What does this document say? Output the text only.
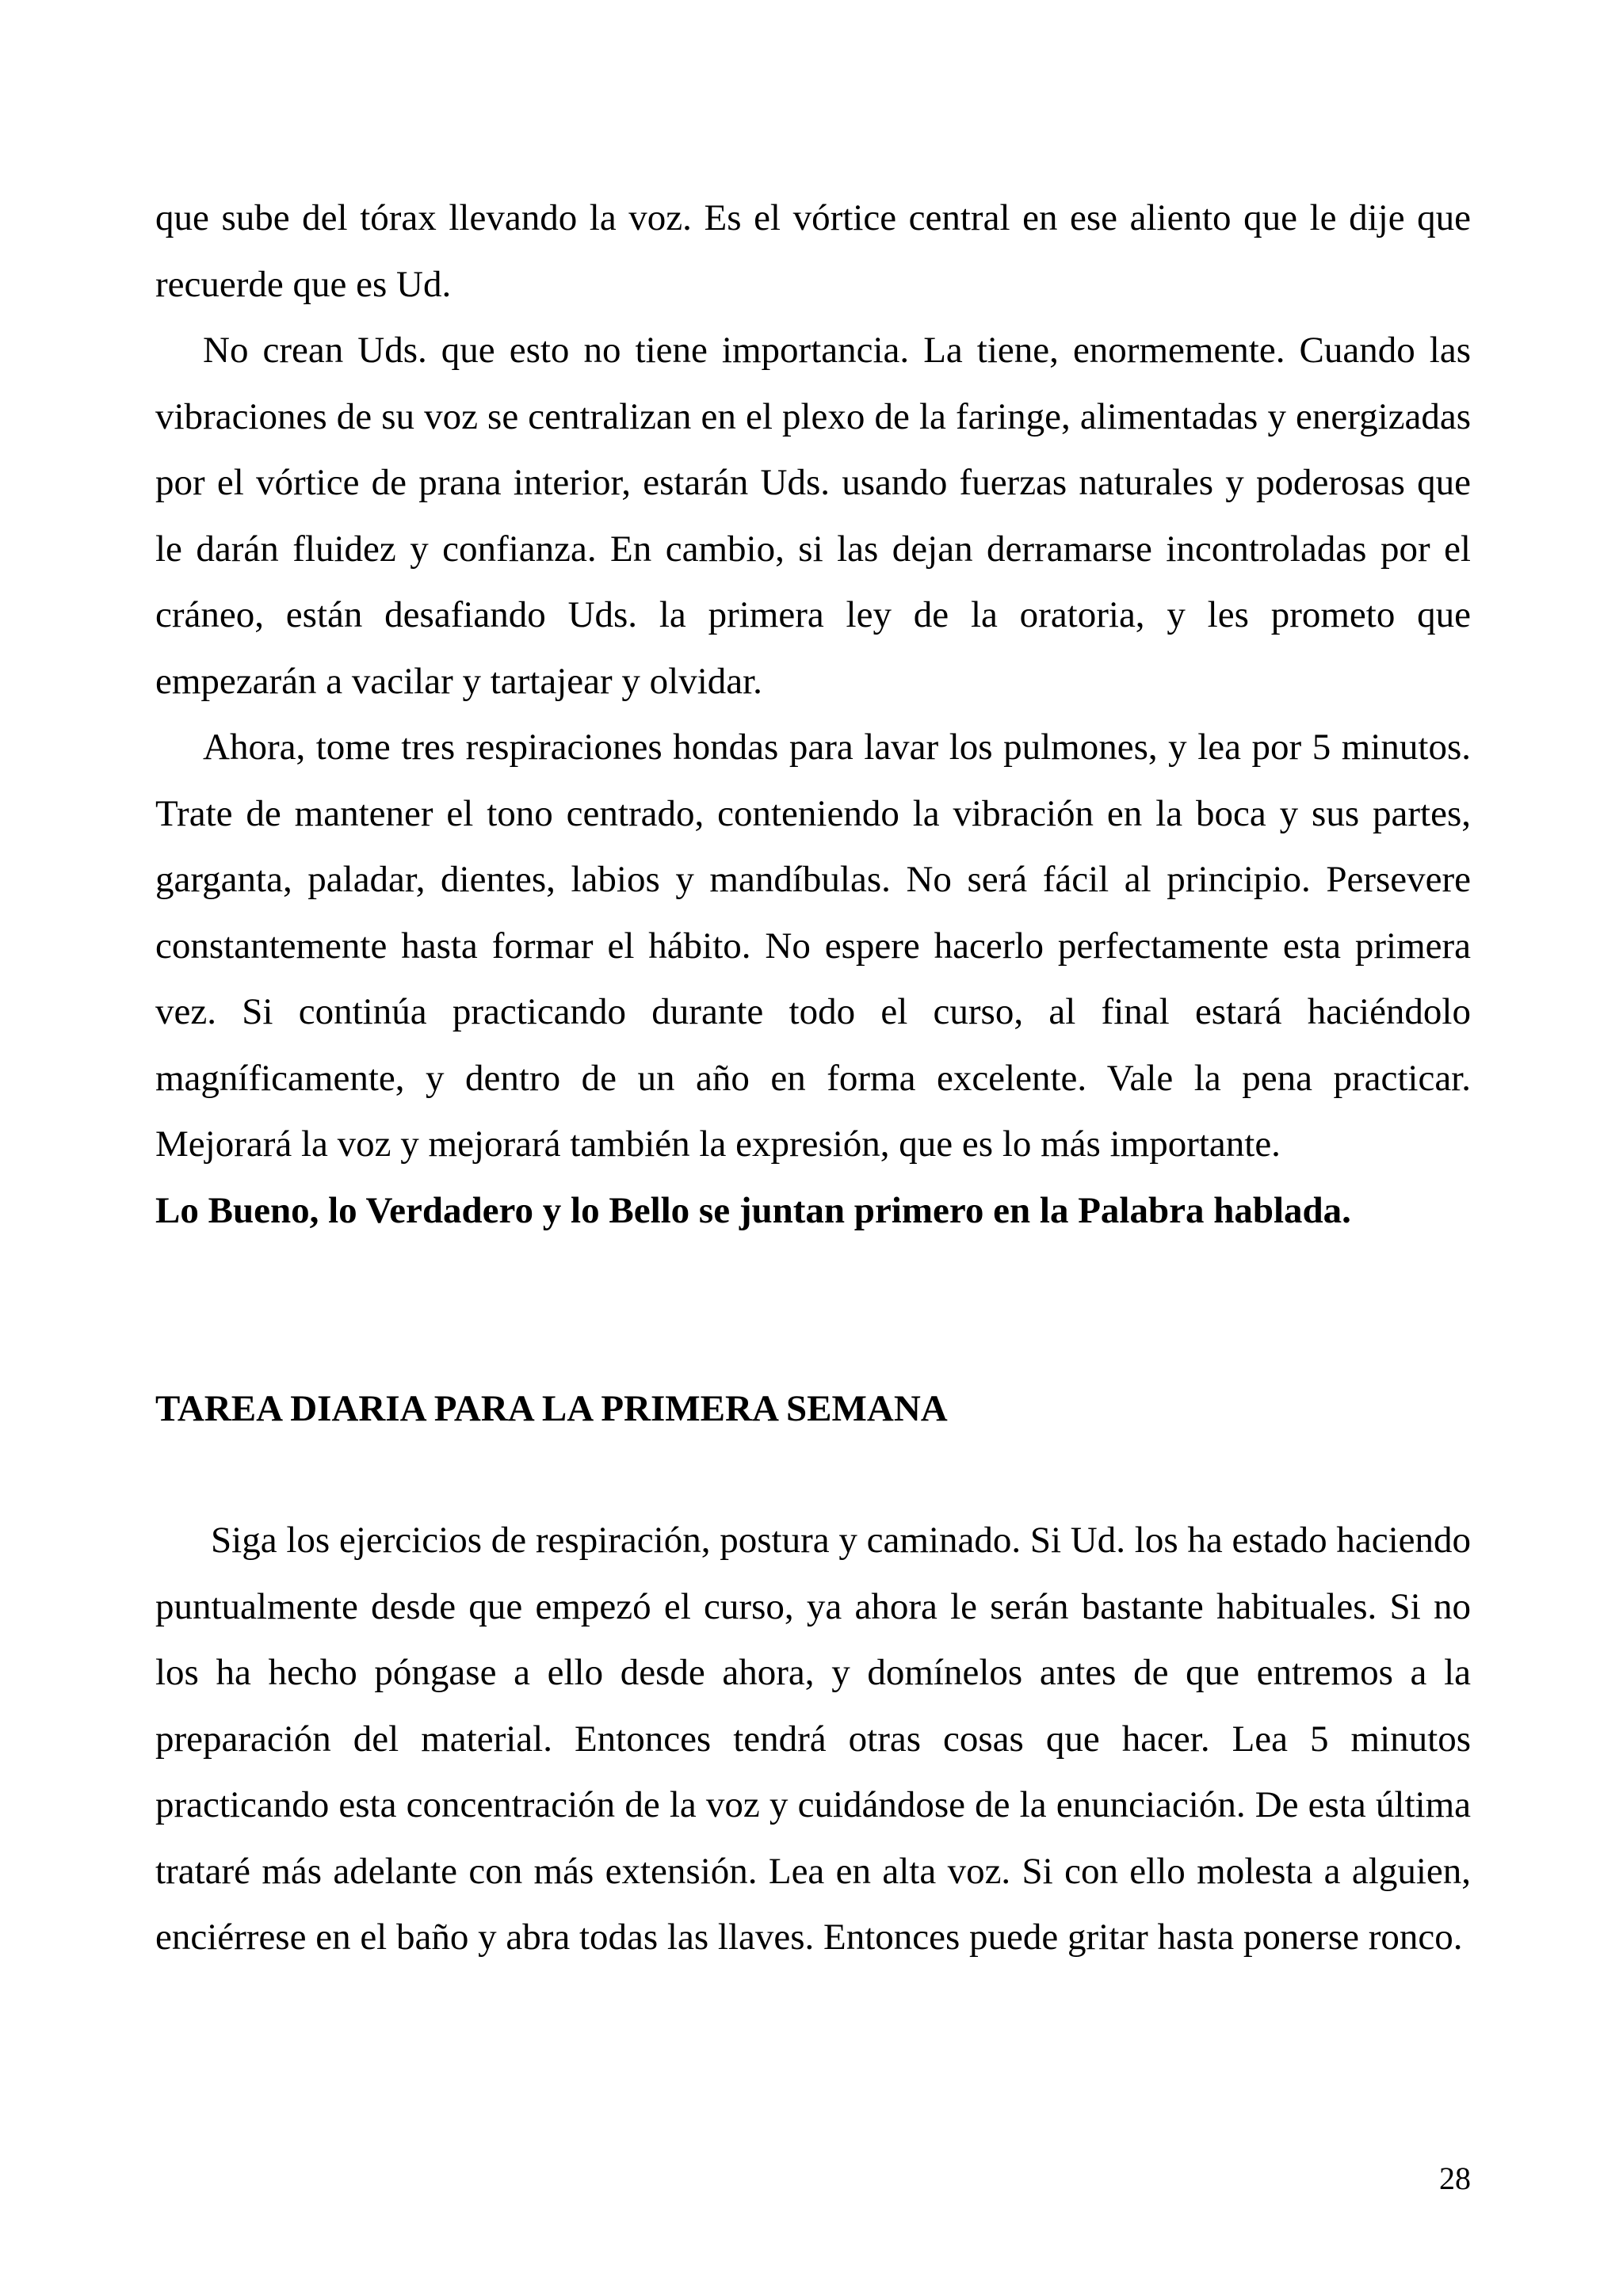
que sube del tórax llevando la voz. Es el vórtice central en ese aliento que le dije que recuerde que es Ud.

No crean Uds. que esto no tiene importancia. La tiene, enormemente. Cuando las vibraciones de su voz se centralizan en el plexo de la faringe, alimentadas y energizadas por el vórtice de prana interior, estarán Uds. usando fuerzas naturales y poderosas que le darán fluidez y confianza. En cambio, si las dejan derramarse incontroladas por el cráneo, están desafiando Uds. la primera ley de la oratoria, y les prometo que empezarán a vacilar y tartajear y olvidar.

Ahora, tome tres respiraciones hondas para lavar los pulmones, y lea por 5 minutos. Trate de mantener el tono centrado, conteniendo la vibración en la boca y sus partes, garganta, paladar, dientes, labios y mandíbulas. No será fácil al principio. Persevere constantemente hasta formar el hábito. No espere hacerlo perfectamente esta primera vez. Si continúa practicando durante todo el curso, al final estará haciéndolo magníficamente, y dentro de un año en forma excelente. Vale la pena practicar. Mejorará la voz y mejorará también la expresión, que es lo más importante.

Lo Bueno, lo Verdadero y lo Bello se juntan primero en la Palabra hablada.

TAREA DIARIA PARA LA PRIMERA SEMANA

Siga los ejercicios de respiración, postura y caminado. Si Ud. los ha estado haciendo puntualmente desde que empezó el curso, ya ahora le serán bastante habituales. Si no los ha hecho póngase a ello desde ahora, y domínelos antes de que entremos a la preparación del material. Entonces tendrá otras cosas que hacer. Lea 5 minutos practicando esta concentración de la voz y cuidándose de la enunciación. De esta última trataré más adelante con más extensión. Lea en alta voz. Si con ello molesta a alguien, enciérrese en el baño y abra todas las llaves. Entonces puede gritar hasta ponerse ronco.

28
